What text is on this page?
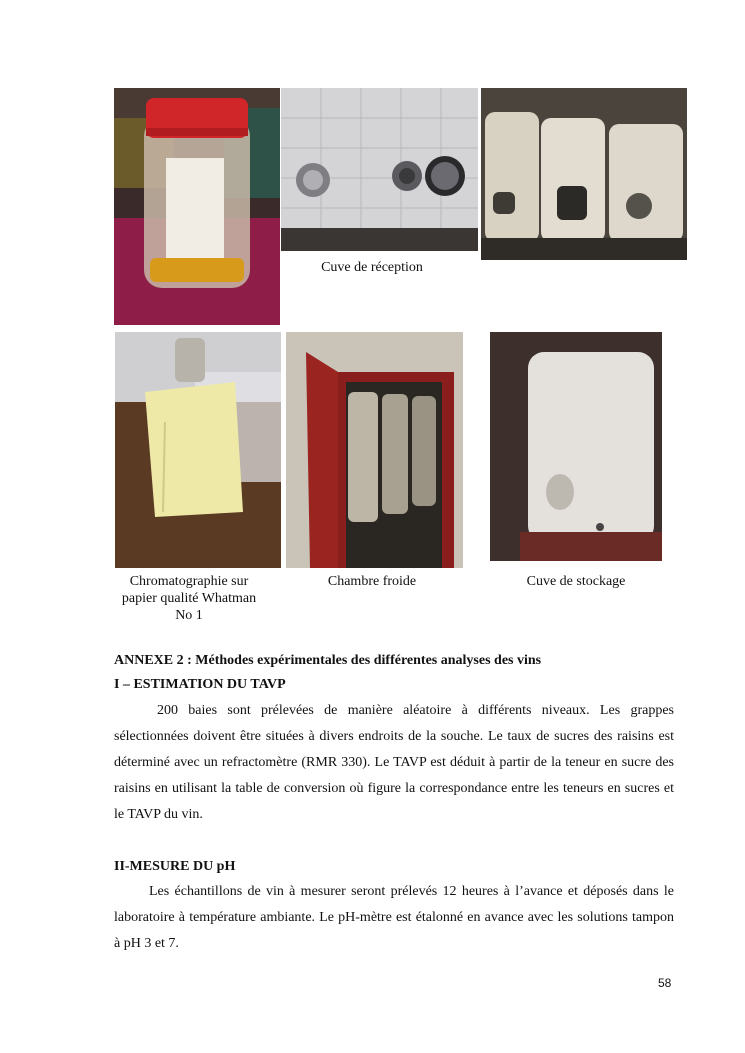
Cuve de réception
Chromatographie sur
papier qualité Whatman
No 1
Chambre froide	Cuve de stockage
ANNEXE 2 : Méthodes expérimentales des différentes analyses des vins
I – ESTIMATION DU TAVP

200 baies sont prélevées de manière aléatoire à différents niveaux. Les grappes sélectionnées doivent être situées à divers endroits de la souche. Le taux de sucres des raisins est déterminé avec un refractomètre (RMR 330). Le TAVP est déduit à partir de la teneur en sucre des raisins en utilisant la table de conversion où figure la correspondance entre les teneurs en sucres et le TAVP du vin.

II-MESURE DU pH

Les échantillons de vin à mesurer seront prélevés 12 heures à l’avance et déposés dans le laboratoire à température ambiante. Le pH-mètre est étalonné en avance avec les solutions tampon à pH 3 et 7.

58
